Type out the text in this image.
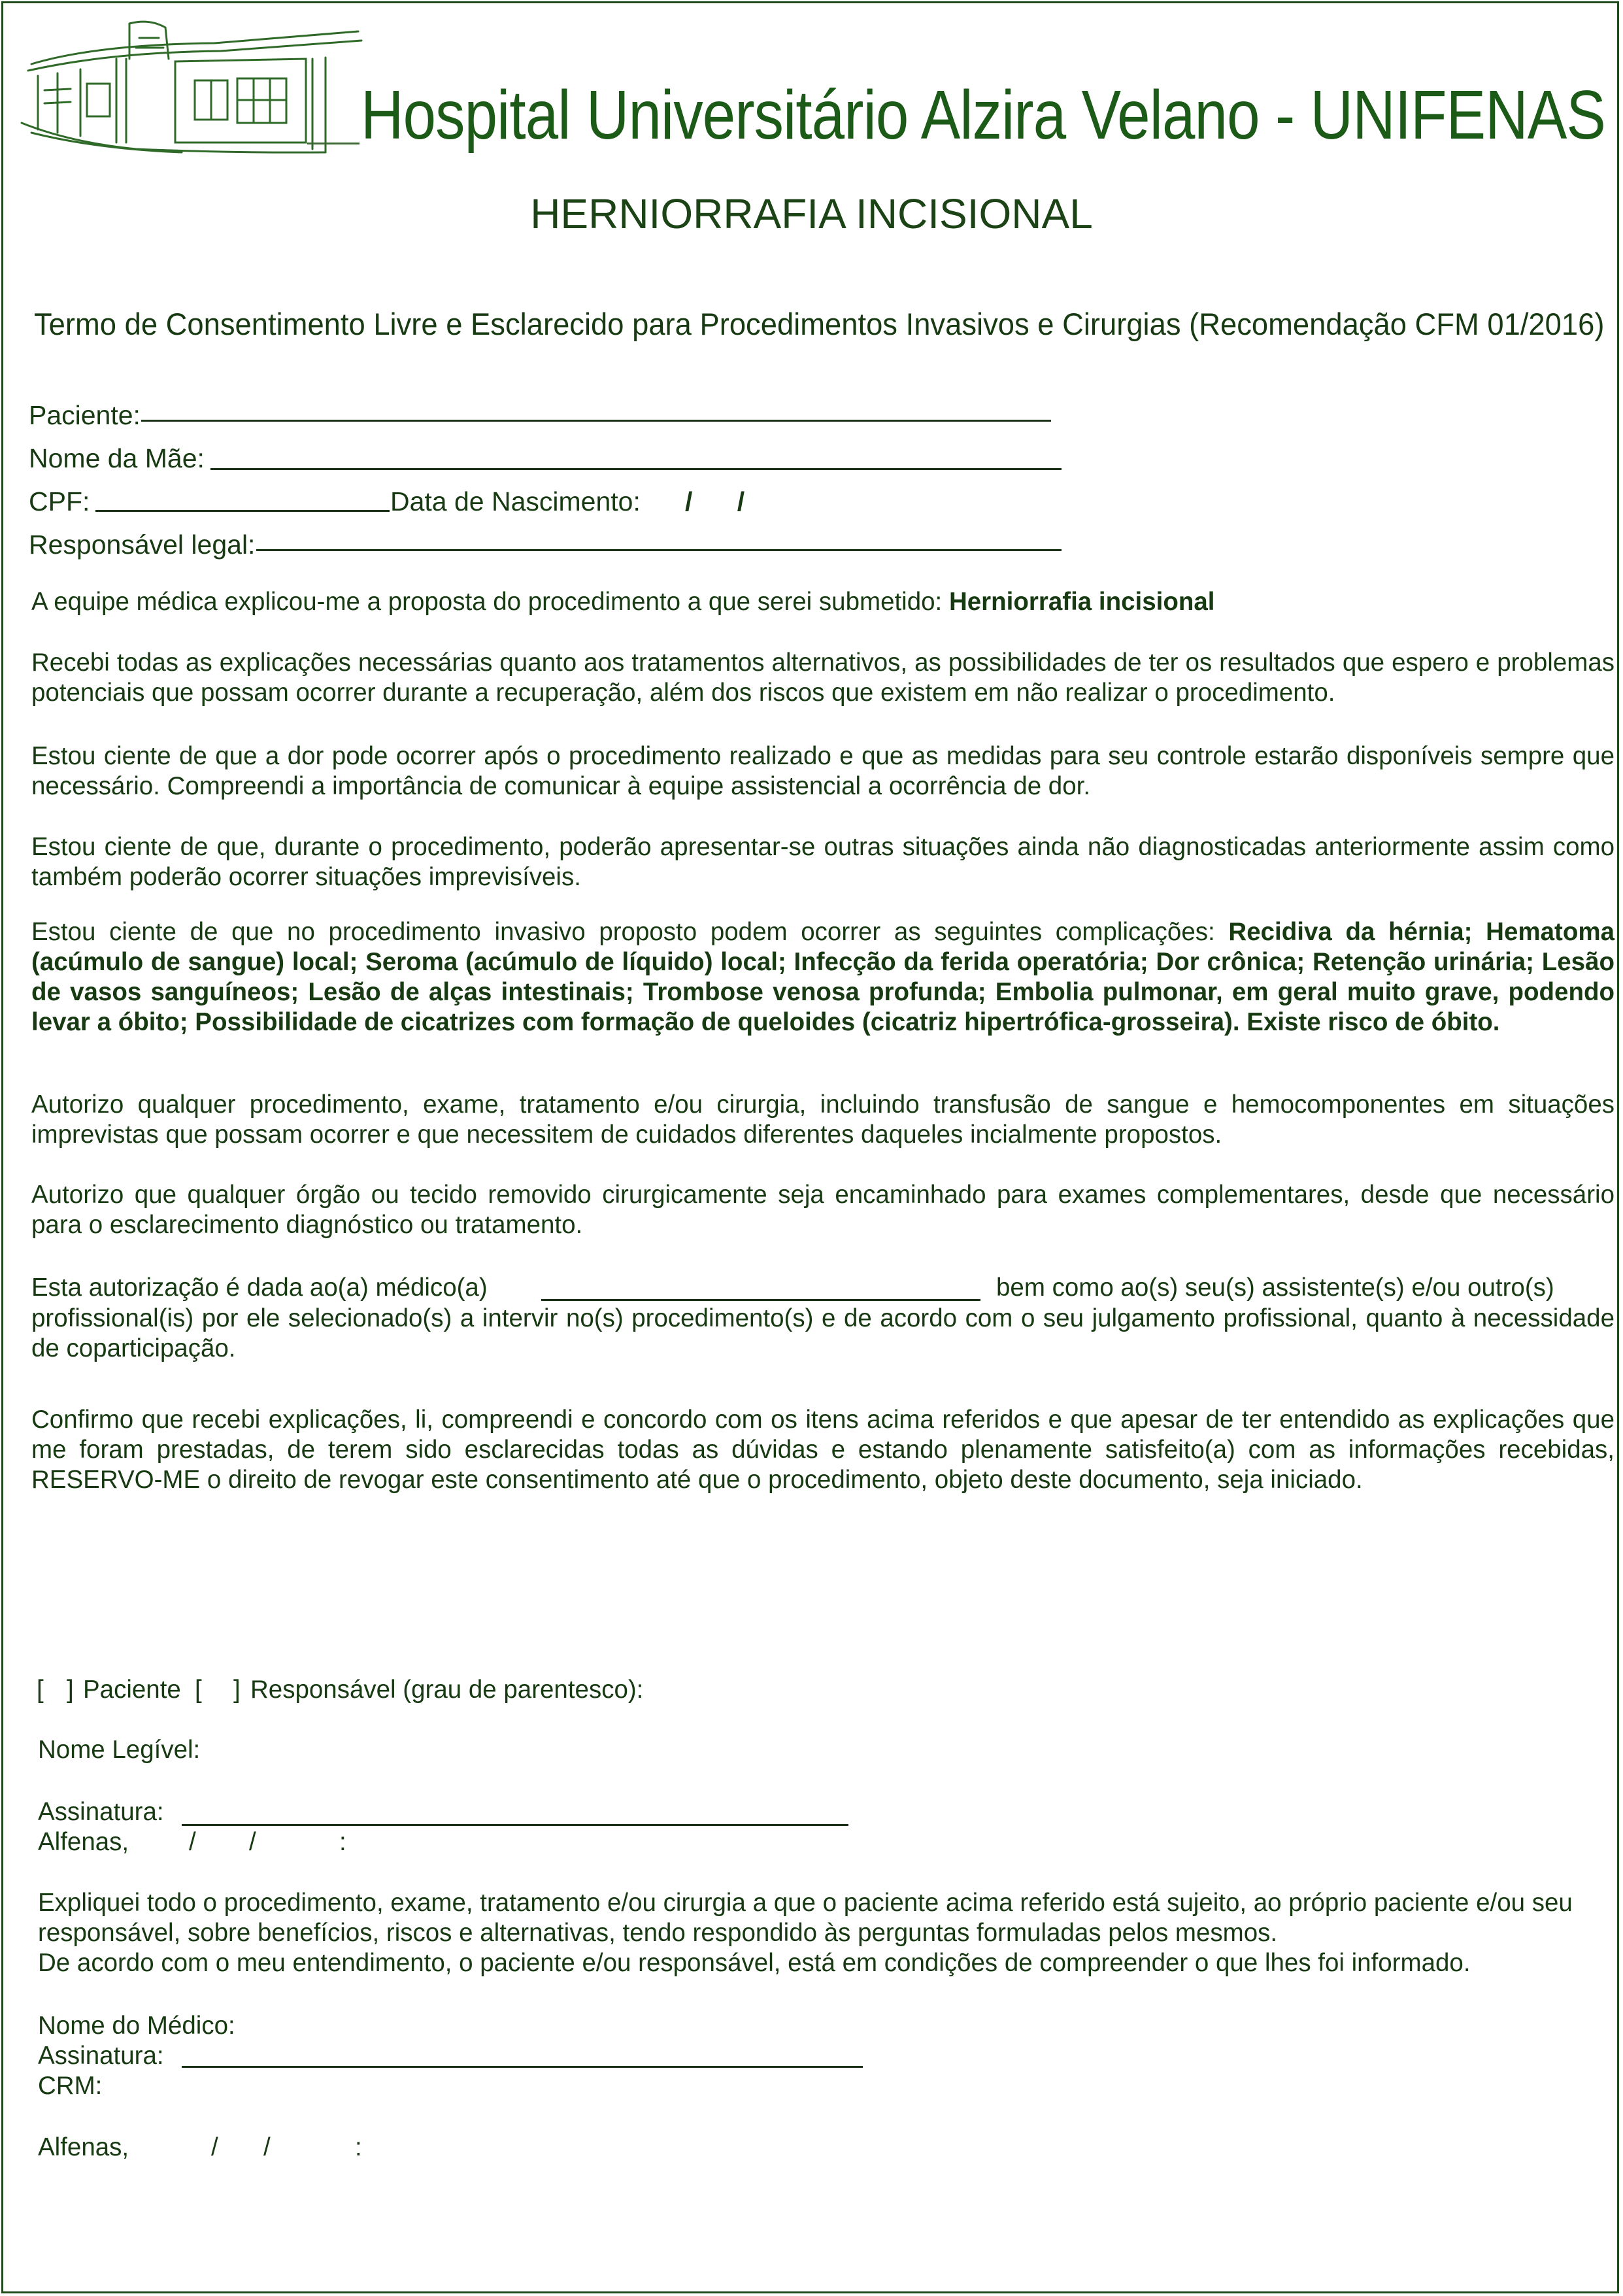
Hospital Universitário Alzira Velano - UNIFENAS
HERNIORRAFIA INCISIONAL
Termo de Consentimento Livre e Esclarecido para Procedimentos Invasivos e Cirurgias (Recomendação CFM 01/2016)
Paciente:
Nome da Mãe:
CPF:	Data de Nascimento: /      /
Responsável legal:
A equipe médica explicou-me a proposta do procedimento a que serei submetido: Herniorrafia incisional
Recebi todas as explicações necessárias quanto aos tratamentos alternativos, as possibilidades de ter os resultados que espero e problemas potenciais que possam ocorrer durante a recuperação, além dos riscos que existem em não realizar o procedimento.
Estou ciente de que a dor pode ocorrer após o procedimento realizado e que as medidas para seu controle estarão disponíveis sempre que necessário. Compreendi a importância de comunicar à equipe assistencial a ocorrência de dor.
Estou ciente de que, durante o procedimento, poderão apresentar-se outras situações ainda não diagnosticadas anteriormente assim como também poderão ocorrer situações imprevisíveis.
Estou ciente de que no procedimento invasivo proposto podem ocorrer as seguintes complicações: Recidiva da hérnia; Hematoma (acúmulo de sangue) local; Seroma (acúmulo de líquido) local; Infecção da ferida operatória; Dor crônica; Retenção urinária; Lesão de vasos sanguíneos; Lesão de alças intestinais; Trombose venosa profunda; Embolia pulmonar, em geral muito grave, podendo levar a óbito; Possibilidade de cicatrizes com formação de queloides (cicatriz hipertrófica-grosseira). Existe risco de óbito.
Autorizo qualquer procedimento, exame, tratamento e/ou cirurgia, incluindo transfusão de sangue e hemocomponentes em situações imprevistas que possam ocorrer e que necessitem de cuidados diferentes daqueles incialmente propostos.
Autorizo que qualquer órgão ou tecido removido cirurgicamente seja encaminhado para exames complementares, desde que necessário para o esclarecimento diagnóstico ou tratamento.
Esta autorização é dada ao(a) médico(a)	bem como ao(s) seu(s) assistente(s) e/ou outro(s)
profissional(is) por ele selecionado(s) a intervir no(s) procedimento(s) e de acordo com o seu julgamento profissional, quanto à necessidade de coparticipação.
Confirmo que recebi explicações, li, compreendi e concordo com os itens acima referidos e que apesar de ter entendido as explicações que me foram prestadas, de terem sido esclarecidas todas as dúvidas e estando plenamente satisfeito(a) com as informações recebidas, RESERVO-ME o direito de revogar este consentimento até que o procedimento, objeto deste documento, seja iniciado.
[ ] Paciente [ ] Responsável (grau de parentesco):
Nome Legível:
Assinatura:
Alfenas, / /	:
Expliquei todo o procedimento, exame, tratamento e/ou cirurgia a que o paciente acima referido está sujeito, ao próprio paciente e/ou seu responsável, sobre benefícios, riscos e alternativas, tendo respondido às perguntas formuladas pelos mesmos.
De acordo com o meu entendimento, o paciente e/ou responsável, está em condições de compreender o que lhes foi informado.
Nome do Médico:
Assinatura:
CRM:
Alfenas,	/ /	:
